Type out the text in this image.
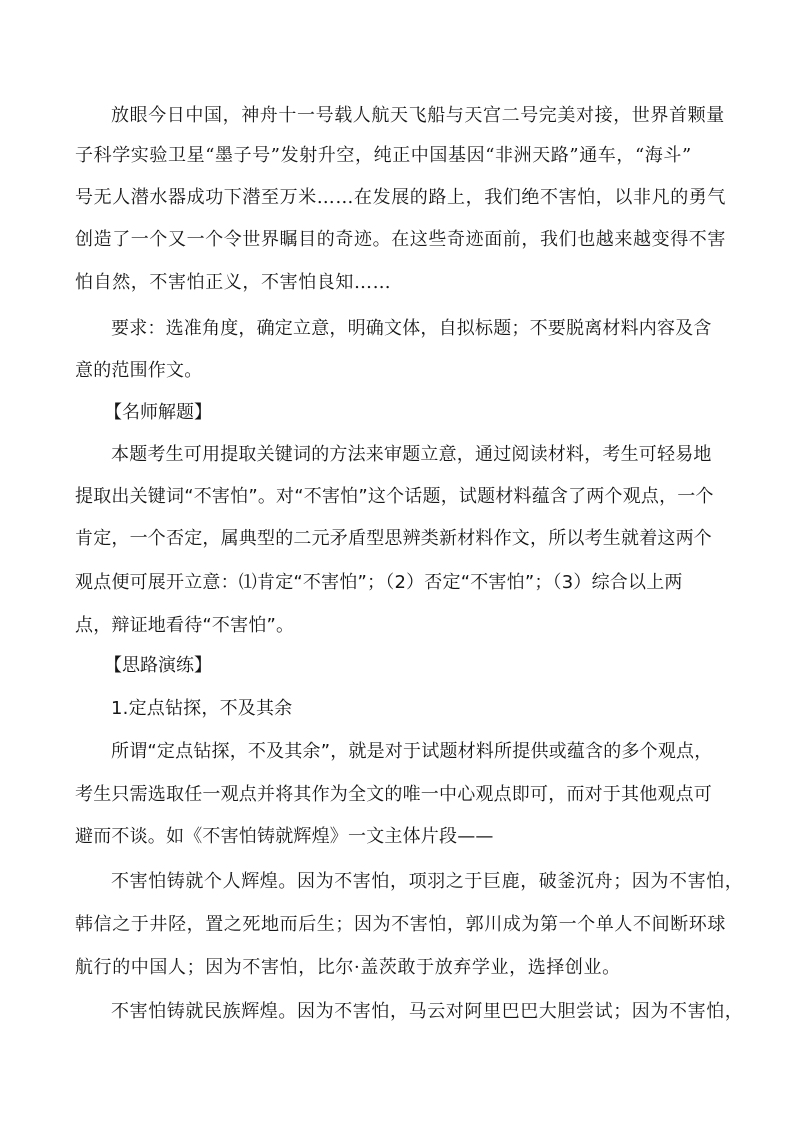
放眼今日中国，神舟十一号载人航天飞船与天宫二号完美对接，世界首颗量
子科学实验卫星“墨子号”发射升空，纯正中国基因“非洲天路”通车，“海斗”
号无人潜水器成功下潜至万米……在发展的路上，我们绝不害怕，以非凡的勇气
创造了一个又一个令世界瞩目的奇迹。在这些奇迹面前，我们也越来越变得不害
怕自然，不害怕正义，不害怕良知……
要求：选准角度，确定立意，明确文体，自拟标题；不要脱离材料内容及含
意的范围作文。
【名师解题】
本题考生可用提取关键词的方法来审题立意，通过阅读材料，考生可轻易地
提取出关键词“不害怕”。对“不害怕”这个话题，试题材料蕴含了两个观点，一个
肯定，一个否定，属典型的二元矛盾型思辨类新材料作文，所以考生就着这两个
观点便可展开立意：⑴肯定“不害怕”；（2）否定“不害怕”；（3）综合以上两
点，辩证地看待“不害怕”。
【思路演练】
1.定点钻探，不及其余
所谓“定点钻探，不及其余”，就是对于试题材料所提供或蕴含的多个观点，
考生只需选取任一观点并将其作为全文的唯一中心观点即可，而对于其他观点可
避而不谈。如《不害怕铸就辉煌》一文主体片段——
不害怕铸就个人辉煌。因为不害怕，项羽之于巨鹿，破釜沉舟；因为不害怕，
韩信之于井陉，置之死地而后生；因为不害怕，郭川成为第一个单人不间断环球
航行的中国人；因为不害怕，比尔·盖茨敢于放弃学业，选择创业。
不害怕铸就民族辉煌。因为不害怕，马云对阿里巴巴大胆尝试；因为不害怕，
